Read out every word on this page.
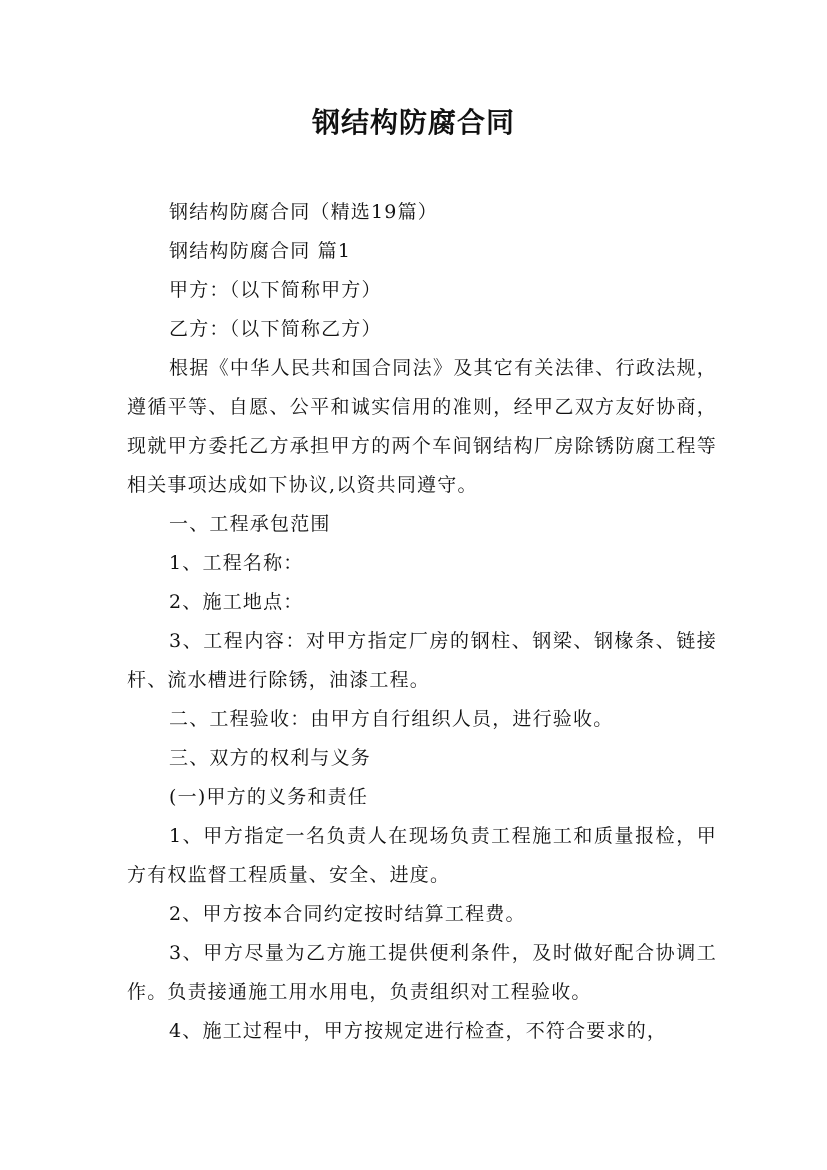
钢结构防腐合同

钢结构防腐合同（精选19篇）

钢结构防腐合同 篇1

甲方：（以下简称甲方）

乙方：（以下简称乙方）

根据《中华人民共和国合同法》及其它有关法律、行政法规，遵循平等、自愿、公平和诚实信用的准则，经甲乙双方友好协商，现就甲方委托乙方承担甲方的两个车间钢结构厂房除锈防腐工程等相关事项达成如下协议,以资共同遵守。

一、工程承包范围

1、工程名称：

2、施工地点：

3、工程内容：对甲方指定厂房的钢柱、钢梁、钢椽条、链接杆、流水槽进行除锈，油漆工程。

二、工程验收：由甲方自行组织人员，进行验收。

三、双方的权利与义务

(一)甲方的义务和责任

1、甲方指定一名负责人在现场负责工程施工和质量报检，甲方有权监督工程质量、安全、进度。

2、甲方按本合同约定按时结算工程费。

3、甲方尽量为乙方施工提供便利条件，及时做好配合协调工作。负责接通施工用水用电，负责组织对工程验收。

4、施工过程中，甲方按规定进行检查，不符合要求的，
